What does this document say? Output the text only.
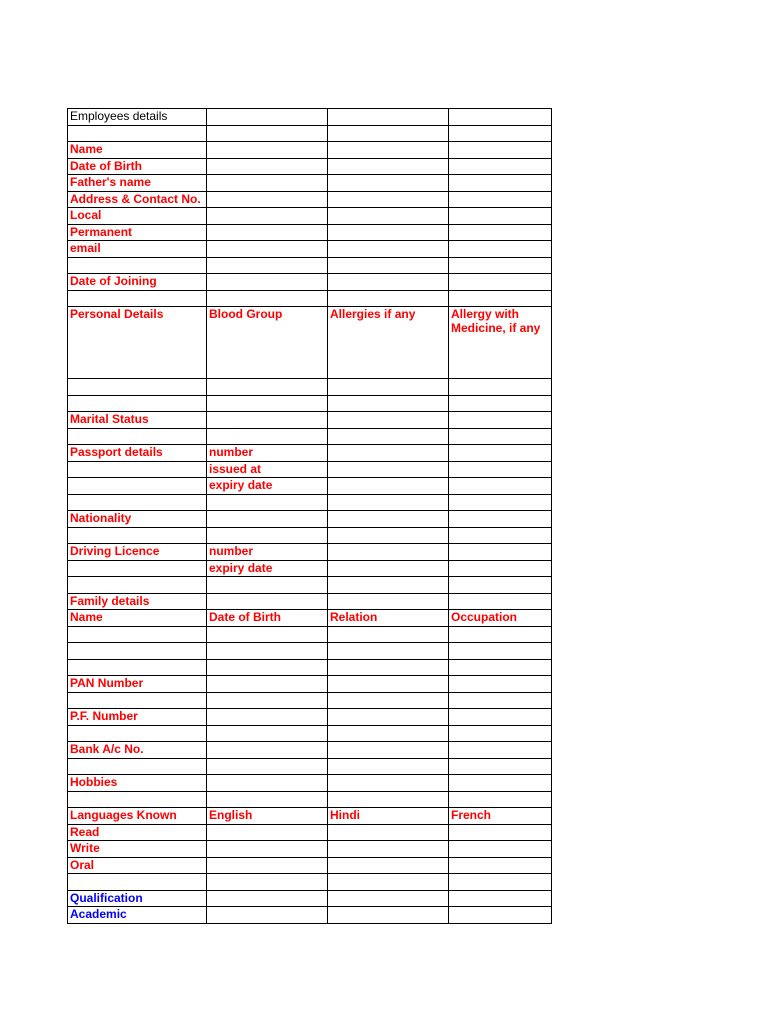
Employees details			

Name			
Date of Birth			
Father's name			
Address & Contact No.			
Local			
Permanent			
email			

Date of Joining			

Personal Details	Blood Group	Allergies if any	Allergy with Medicine, if any

Marital Status			

Passport details	number		
	issued at		
	expiry date		

Nationality			

Driving Licence	number		
	expiry date		

Family details			
Name	Date of Birth	Relation	Occupation

PAN Number			

P.F. Number			

Bank A/c No.			

Hobbies			

Languages Known	English	Hindi	French
Read			
Write			
Oral			

Qualification			
Academic			
